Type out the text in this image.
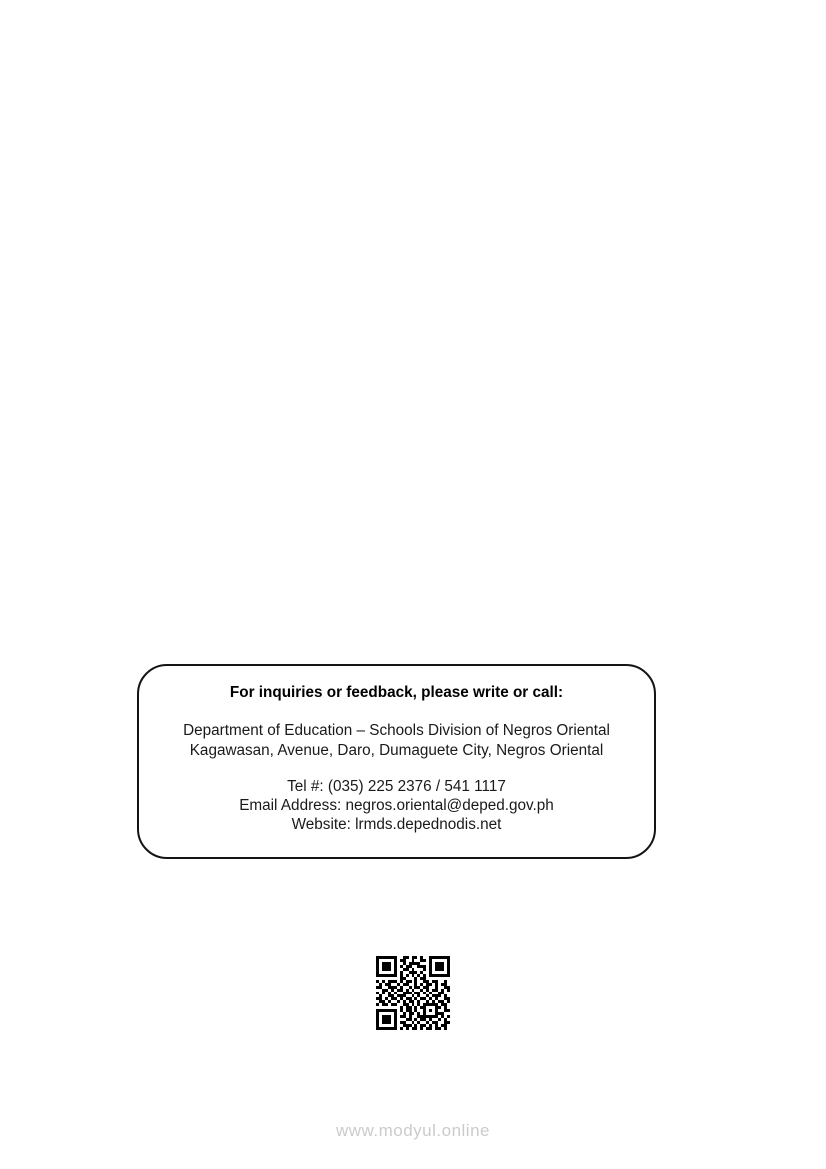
For inquiries or feedback, please write or call:

Department of Education – Schools Division of Negros Oriental

Kagawasan, Avenue, Daro, Dumaguete City, Negros Oriental

Tel #: (035) 225 2376 / 541 1117

Email Address: negros.oriental@deped.gov.ph

Website: lrmds.depednodis.net

www.modyul.online
